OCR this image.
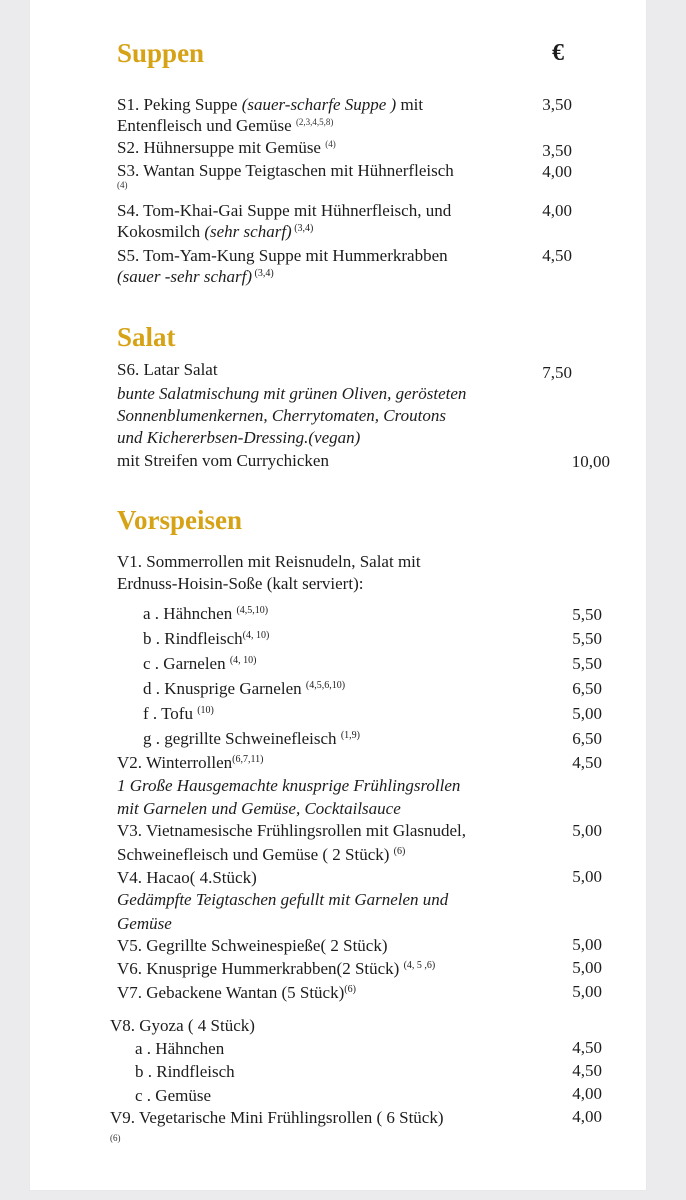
Suppen	€
S1. Peking Suppe (sauer-scharfe Suppe ) mit	3,50
Entenfleisch und Gemüse $^{(2,3,4,5,8)}$
S2. Hühnersuppe mit Gemüse $^{(4)}$	3,50
S3. Wantan Suppe Teigtaschen mit Hühnerfleisch	4,00
(4)
S4. Tom-Khai-Gai Suppe mit Hühnerfleisch, und	4,00
Kokosmilch (sehr scharf) $^{(3,4)}$
S5. Tom-Yam-Kung Suppe mit Hummerkrabben	4,50
(sauer -sehr scharf) $^{(3,4)}$
Salat
S6. Latar Salat	7,50
bunte Salatmischung mit grünen Oliven, gerösteten
Sonnenblumenkernen, Cherrytomaten, Croutons
und Kichererbsen-Dressing.(vegan)
mit Streifen vom Currychicken	10,00
Vorspeisen
V1. Sommerrollen mit Reisnudeln, Salat mit
Erdnuss-Hoisin-Soße (kalt serviert):
a . Hähnchen $^{(4,5,10)}$	5,50
b . Rindfleisch$^{(4, 10)}$	5,50
c . Garnelen $^{(4, 10)}$	5,50
d . Knusprige Garnelen $^{(4,5,6,10)}$	6,50
f . Tofu $^{(10)}$	5,00
g . gegrillte Schweinefleisch $^{(1,9)}$	6,50
V2. Winterrollen$^{(6,7,11)}$	4,50
1 Große Hausgemachte knusprige Frühlingsrollen
mit Garnelen und Gemüse, Cocktailsauce
V3. Vietnamesische Frühlingsrollen mit Glasnudel,	5,00
Schweinefleisch und Gemüse ( 2 Stück) $^{(6)}$
V4. Hacao( 4.Stück)	5,00
Gedämpfte Teigtaschen gefullt mit Garnelen und
Gemüse
V5. Gegrillte Schweinespieße( 2 Stück)	5,00
V6. Knusprige Hummerkrabben(2 Stück) $^{(4, 5 ,6)}$	5,00
V7. Gebackene Wantan (5 Stück)$^{(6)}$	5,00
V8. Gyoza ( 4 Stück)
a . Hähnchen	4,50
b . Rindfleisch	4,50
c . Gemüse	4,00
V9. Vegetarische Mini Frühlingsrollen ( 6 Stück)	4,00
(6)
